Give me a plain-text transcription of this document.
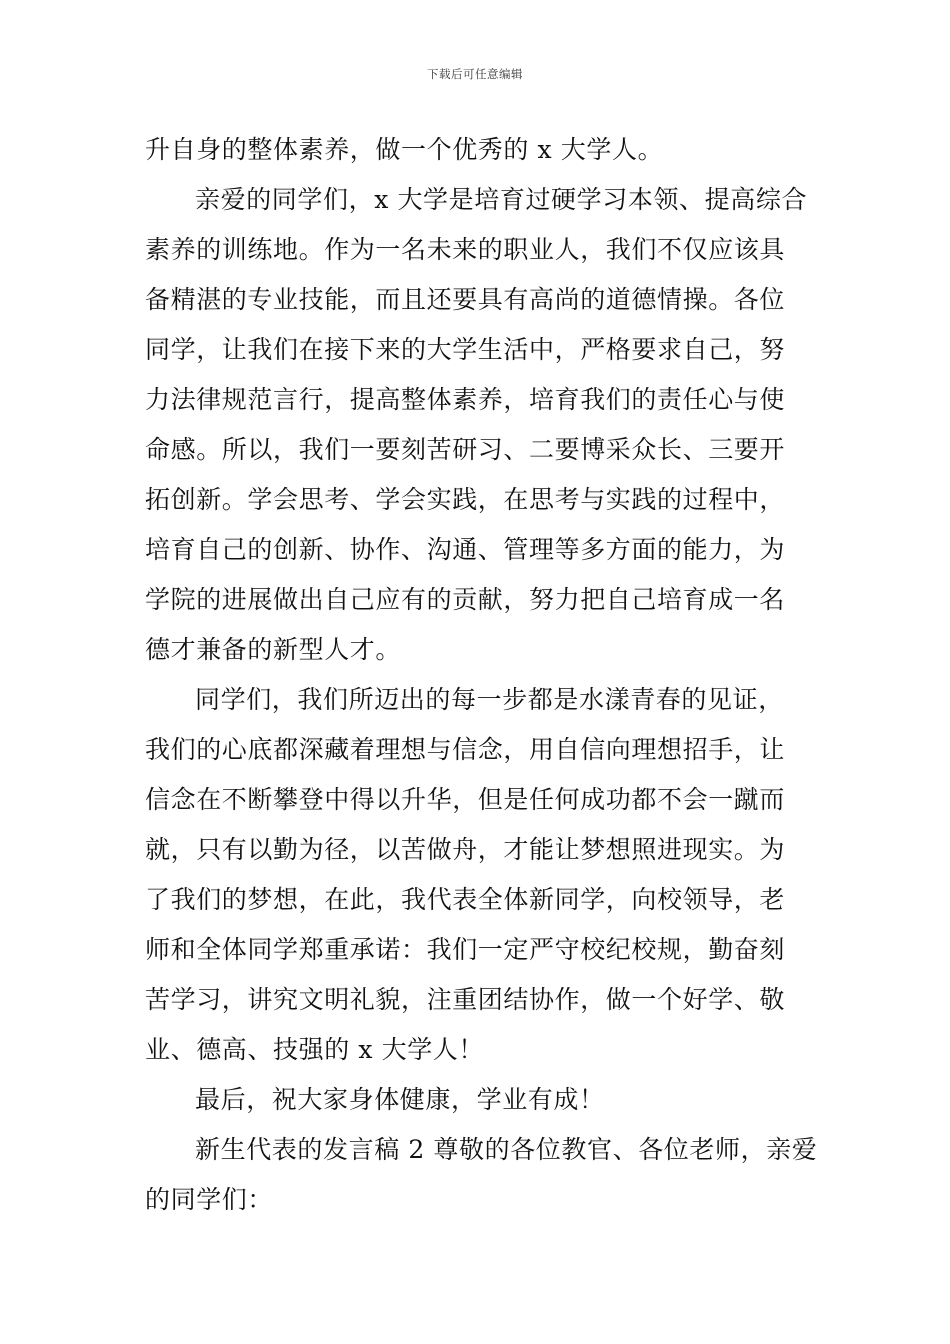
下载后可任意编辑
升自身的整体素养，做一个优秀的 x 大学人。
亲爱的同学们，x 大学是培育过硬学习本领、提高综合
素养的训练地。作为一名未来的职业人，我们不仅应该具
备精湛的专业技能，而且还要具有高尚的道德情操。各位
同学，让我们在接下来的大学生活中，严格要求自己，努
力法律规范言行，提高整体素养，培育我们的责任心与使
命感。所以，我们一要刻苦研习、二要博采众长、三要开
拓创新。学会思考、学会实践，在思考与实践的过程中，
培育自己的创新、协作、沟通、管理等多方面的能力，为
学院的进展做出自己应有的贡献，努力把自己培育成一名
德才兼备的新型人才。
同学们，我们所迈出的每一步都是水漾青春的见证，
我们的心底都深藏着理想与信念，用自信向理想招手，让
信念在不断攀登中得以升华，但是任何成功都不会一蹴而
就，只有以勤为径，以苦做舟，才能让梦想照进现实。为
了我们的梦想，在此，我代表全体新同学，向校领导，老
师和全体同学郑重承诺：我们一定严守校纪校规，勤奋刻
苦学习，讲究文明礼貌，注重团结协作，做一个好学、敬
业、德高、技强的 x 大学人！
最后，祝大家身体健康，学业有成！
新生代表的发言稿 2 尊敬的各位教官、各位老师，亲爱
的同学们：
